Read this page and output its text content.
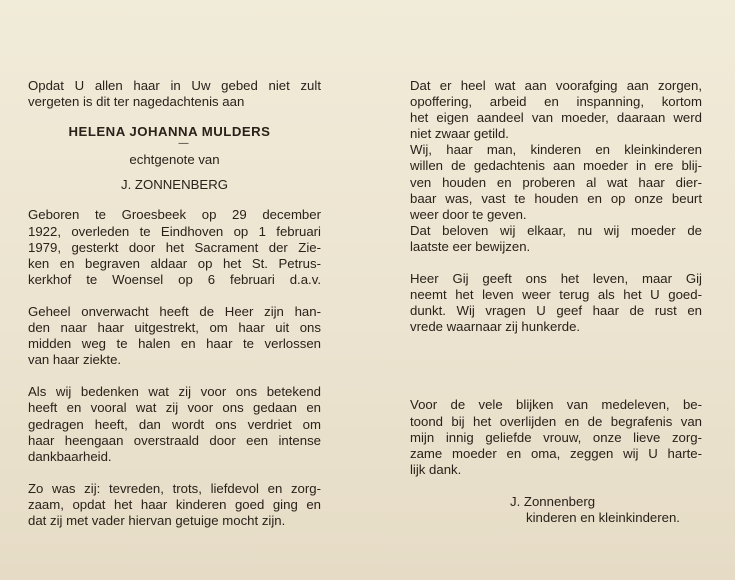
Opdat U allen haar in Uw gebed niet zult
vergeten is dit ter nagedachtenis aan

HELENA JOHANNA MULDERS
—
echtgenote van
J. ZONNENBERG

Geboren te Groesbeek op 29 december
1922, overleden te Eindhoven op 1 februari
1979, gesterkt door het Sacrament der Zie-
ken en begraven aldaar op het St. Petrus-
kerkhof te Woensel op 6 februari d.a.v.

Geheel onverwacht heeft de Heer zijn han-
den naar haar uitgestrekt, om haar uit ons
midden weg te halen en haar te verlossen
van haar ziekte.

Als wij bedenken wat zij voor ons betekend
heeft en vooral wat zij voor ons gedaan en
gedragen heeft, dan wordt ons verdriet om
haar heengaan overstraald door een intense
dankbaarheid.

Zo was zij: tevreden, trots, liefdevol en zorg-
zaam, opdat het haar kinderen goed ging en
dat zij met vader hiervan getuige mocht zijn.

Dat er heel wat aan voorafging aan zorgen,
opoffering, arbeid en inspanning, kortom
het eigen aandeel van moeder, daaraan werd
niet zwaar getild.
Wij, haar man, kinderen en kleinkinderen
willen de gedachtenis aan moeder in ere blij-
ven houden en proberen al wat haar dier-
baar was, vast te houden en op onze beurt
weer door te geven.
Dat beloven wij elkaar, nu wij moeder de
laatste eer bewijzen.

Heer Gij geeft ons het leven, maar Gij
neemt het leven weer terug als het U goed-
dunkt. Wij vragen U geef haar de rust en
vrede waarnaar zij hunkerde.

Voor de vele blijken van medeleven, be-
toond bij het overlijden en de begrafenis van
mijn innig geliefde vrouw, onze lieve zorg-
zame moeder en oma, zeggen wij U harte-
lijk dank.

J. Zonnenberg
kinderen en kleinkinderen.
